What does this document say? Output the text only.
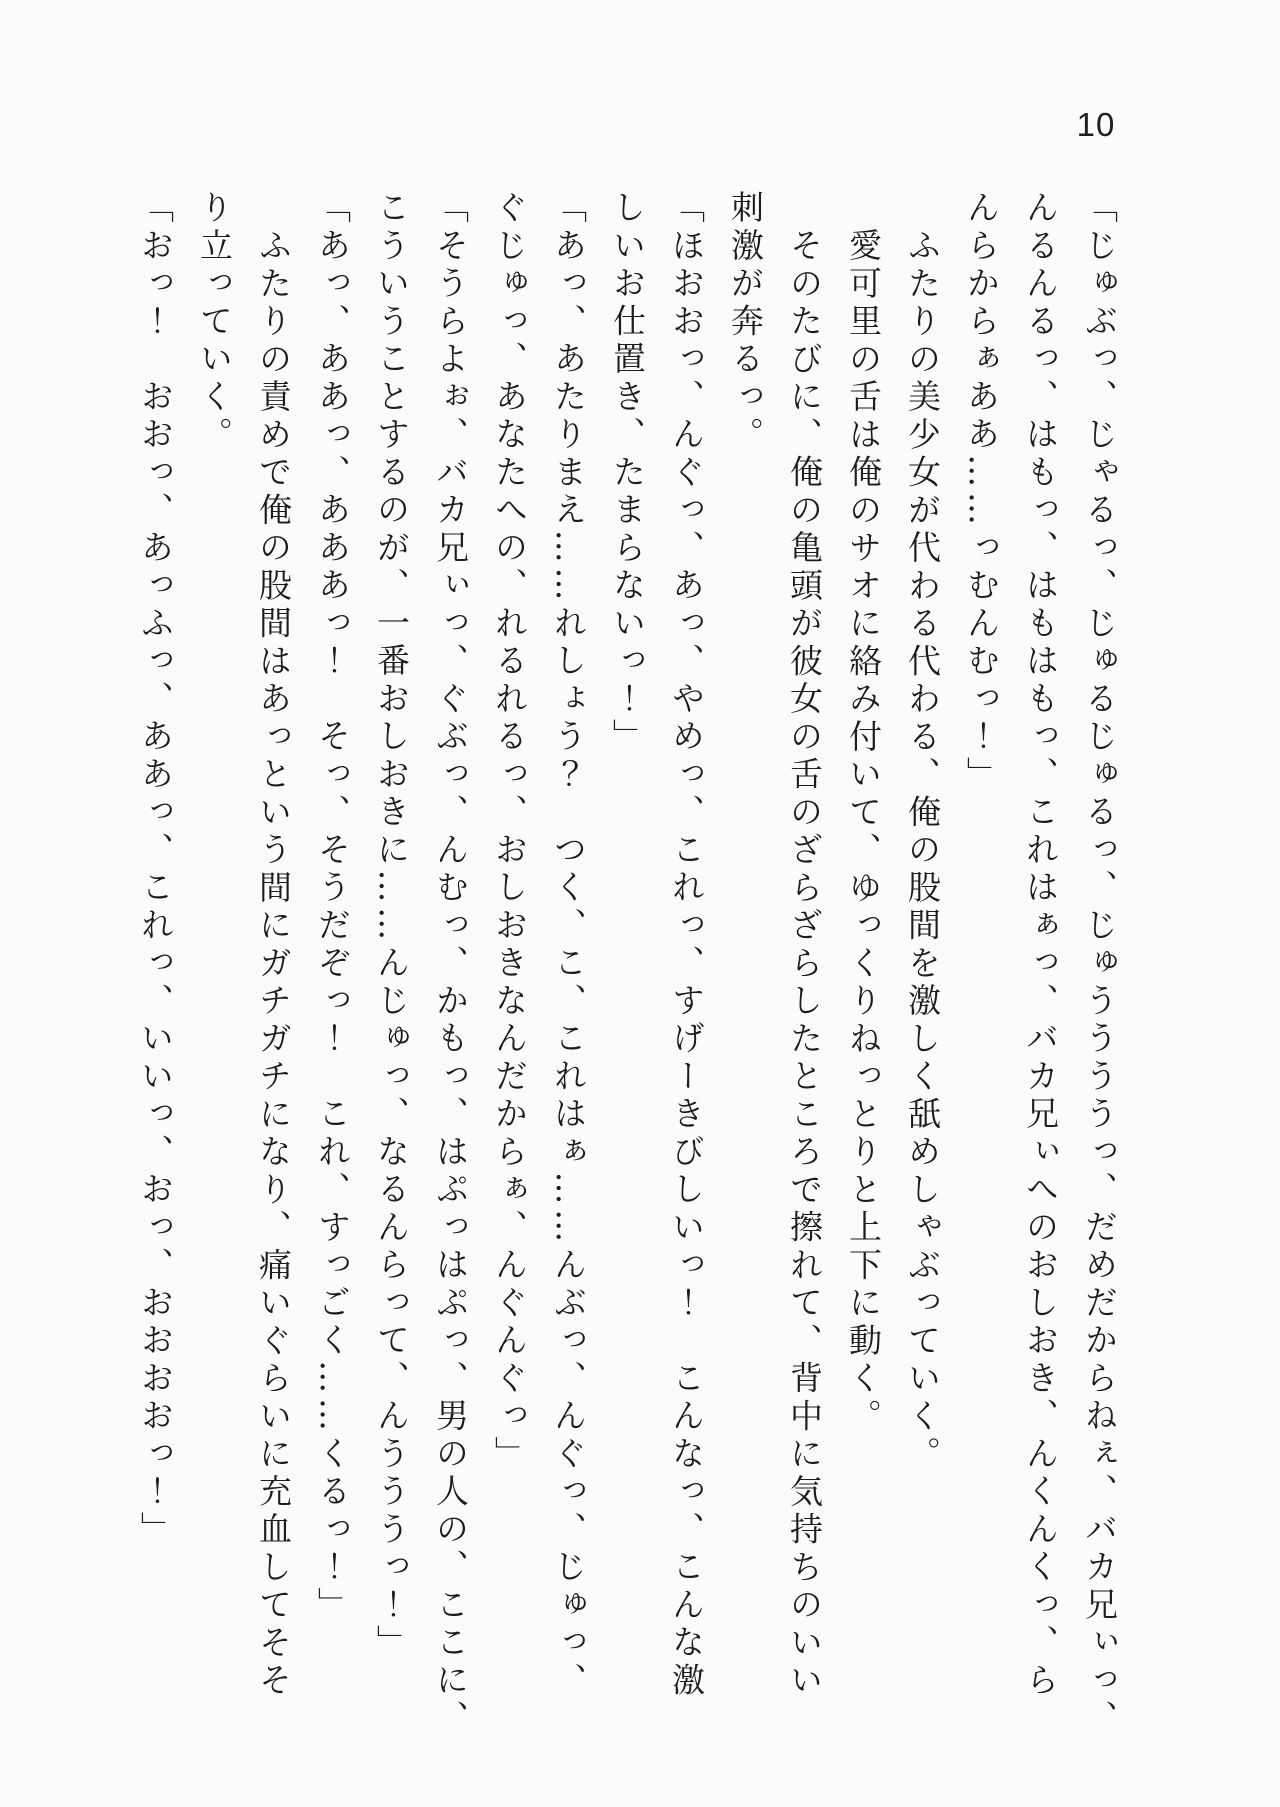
10
「じゅぶっ、じゃるっ、じゅるじゅるっ、じゅううううっ、だめだからねぇ、バカ兄ぃっ、
んるんるっ、はもっ、はもはもっ、これはぁっ、バカ兄ぃへのおしおき、んくんくっ、ら
んらからぁああ……っむんむっ！」
ふたりの美少女が代わる代わる、俺の股間を激しく舐めしゃぶっていく。
愛可里の舌は俺のサオに絡み付いて、ゆっくりねっとりと上下に動く。
そのたびに、俺の亀頭が彼女の舌のざらざらしたところで擦れて、背中に気持ちのいい
刺激が奔るっ。
「ほおおっ、んぐっ、あっ、やめっ、これっ、すげーきびしいっ！　こんなっ、こんな激
しいお仕置き、たまらないっ！」
「あっ、あたりまえ……れしょう？　つく、こ、これはぁ……んぶっ、んぐっ、じゅっ、
ぐじゅっ、あなたへの、れるれるっ、おしおきなんだからぁ、んぐんぐっ」
「そうらよぉ、バカ兄ぃっ、ぐぶっ、んむっ、かもっ、はぷっはぷっ、男の人の、ここに、
こういうことするのが、一番おしおきに……んじゅっ、なるんらって、んうううっ！」
「あっ、ああっ、あああっ！　そっ、そうだぞっ！　これ、すっごく……くるっ！」
ふたりの責めで俺の股間はあっという間にガチガチになり、痛いぐらいに充血してそそ
り立っていく。
「おっ！　おおっ、あっふっ、ああっ、これっ、いいっ、おっ、おおおおっ！」
